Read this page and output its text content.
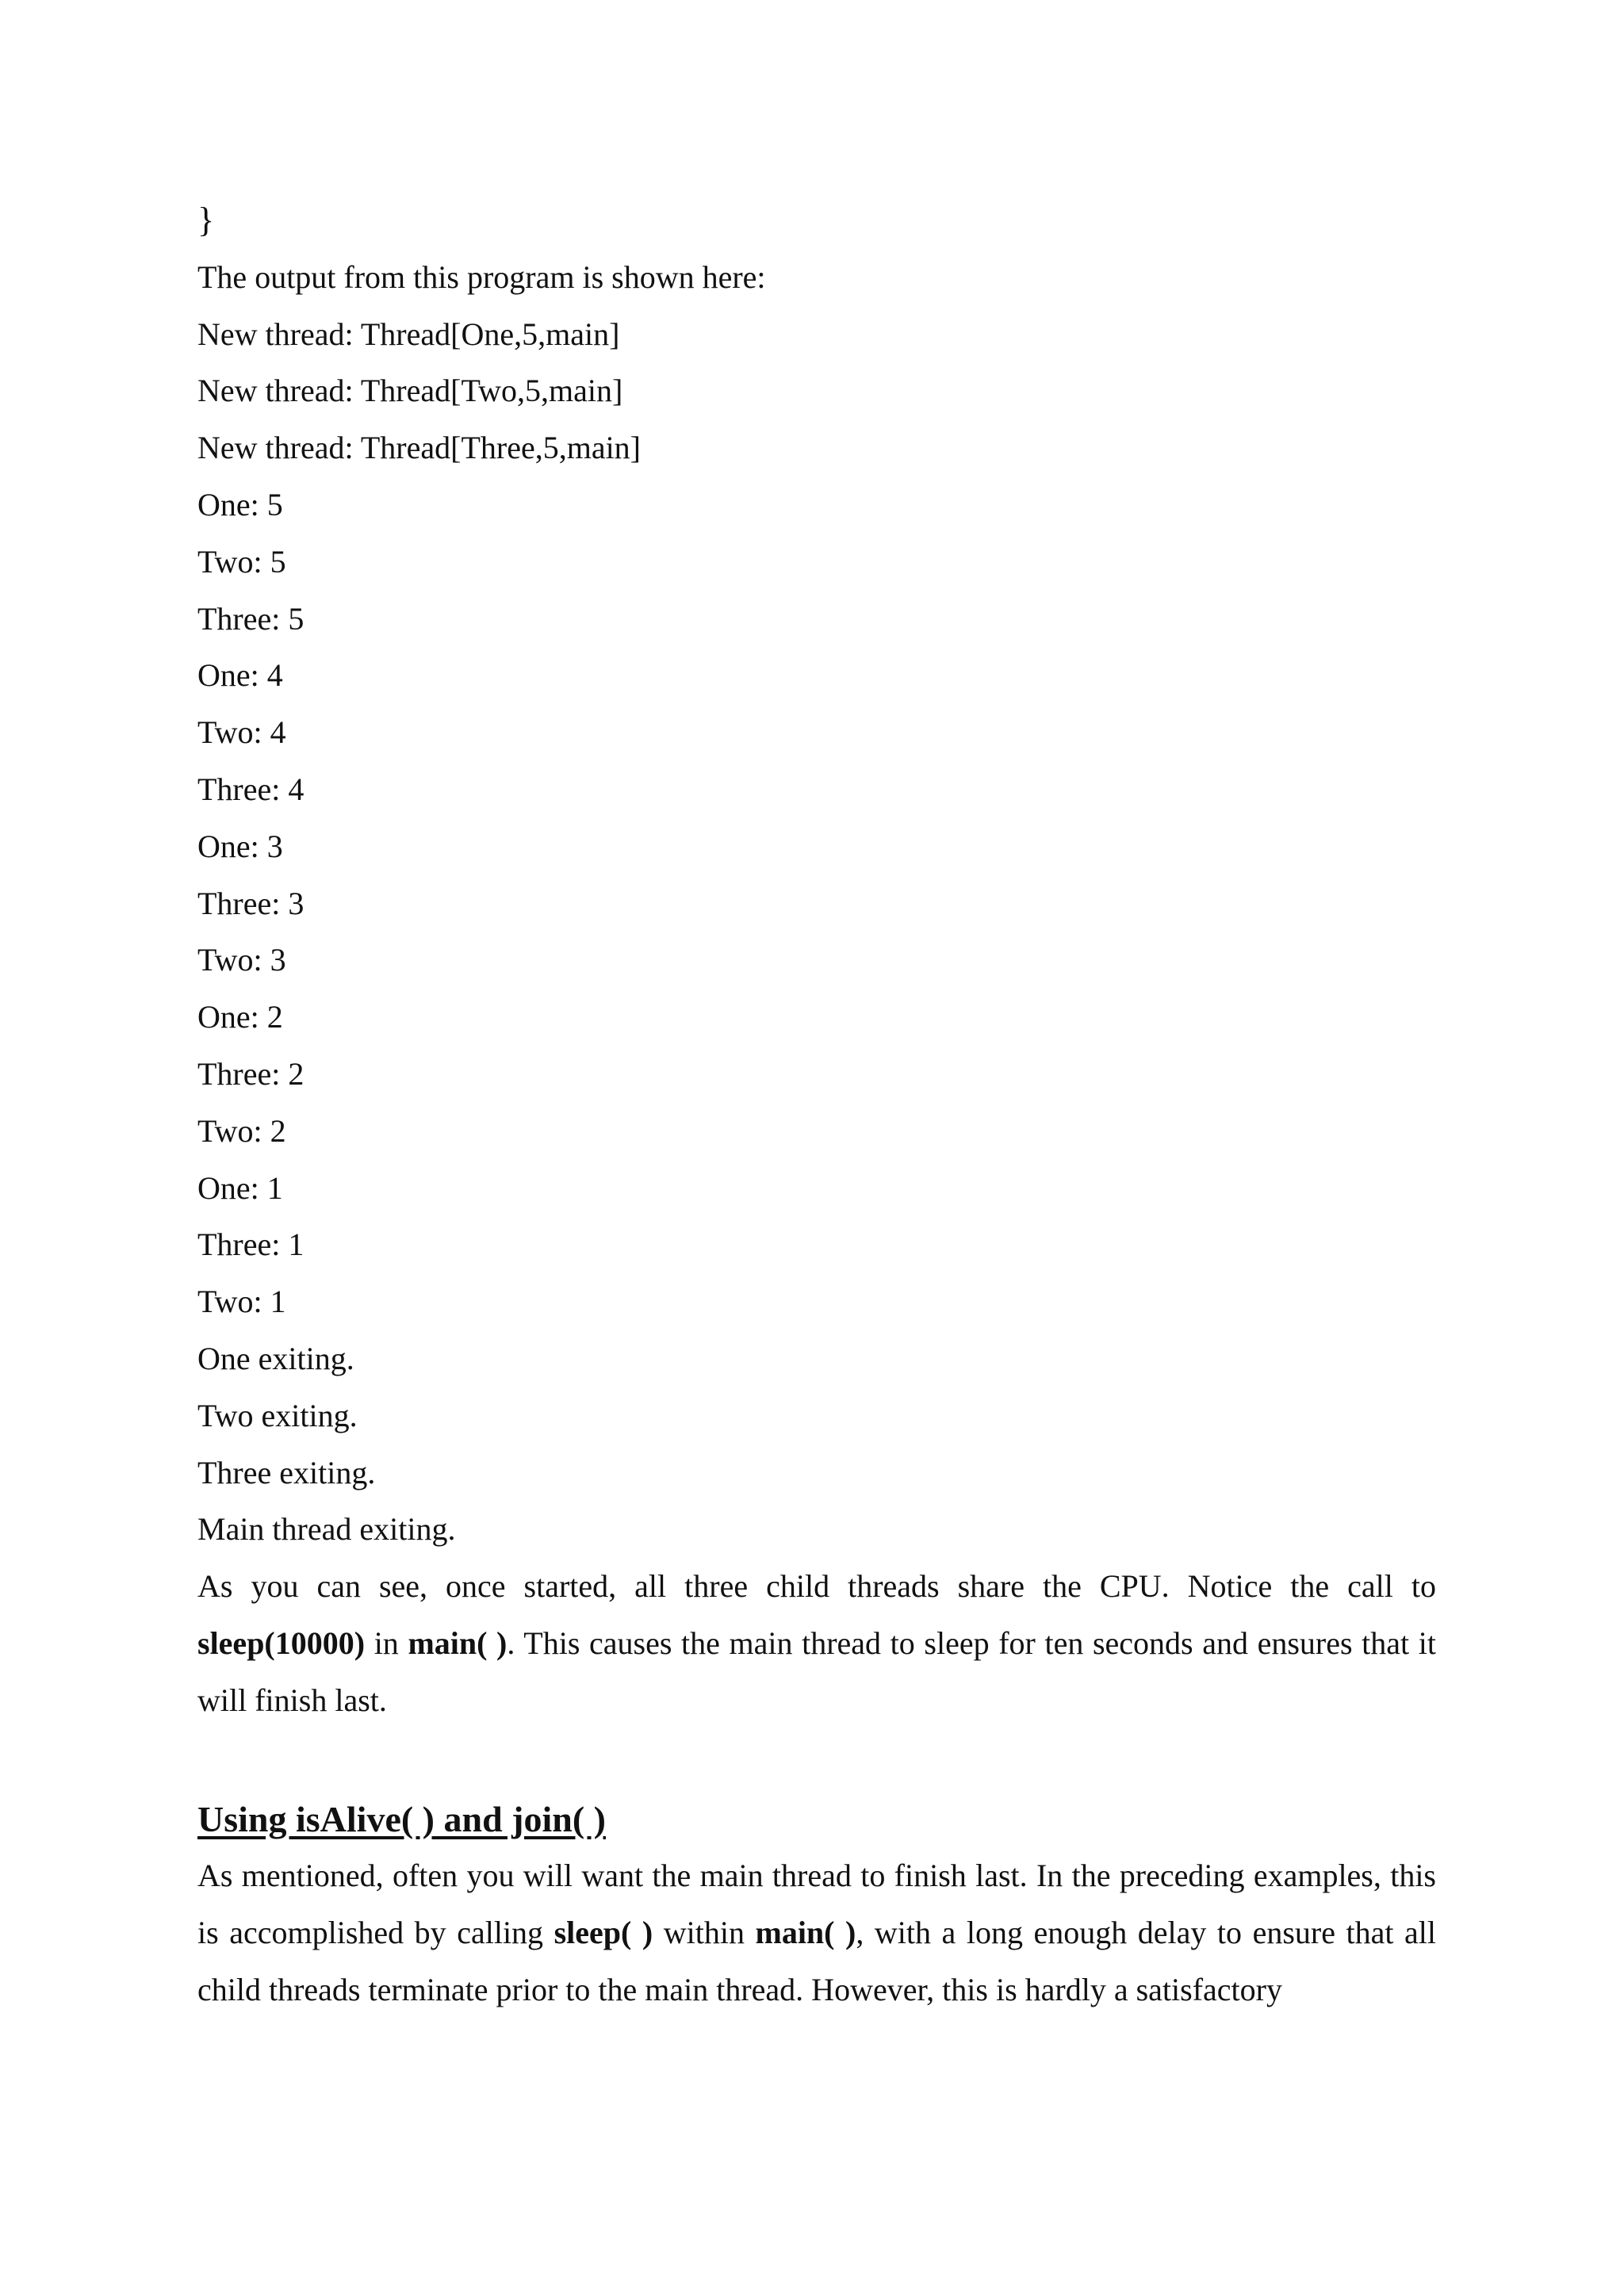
}

The output from this program is shown here:

New thread: Thread[One,5,main]

New thread: Thread[Two,5,main]

New thread: Thread[Three,5,main]

One: 5

Two: 5

Three: 5

One: 4

Two: 4

Three: 4

One: 3

Three: 3

Two: 3

One: 2

Three: 2

Two: 2

One: 1

Three: 1

Two: 1

One exiting.

Two exiting.

Three exiting.

Main thread exiting.

As you can see, once started, all three child threads share the CPU. Notice the call to sleep(10000) in main( ). This causes the main thread to sleep for ten seconds and ensures that it will finish last.

Using isAlive( ) and join( )

As mentioned, often you will want the main thread to finish last. In the preceding examples, this is accomplished by calling sleep( ) within main( ), with a long enough delay to ensure that all child threads terminate prior to the main thread. However, this is hardly a satisfactory
